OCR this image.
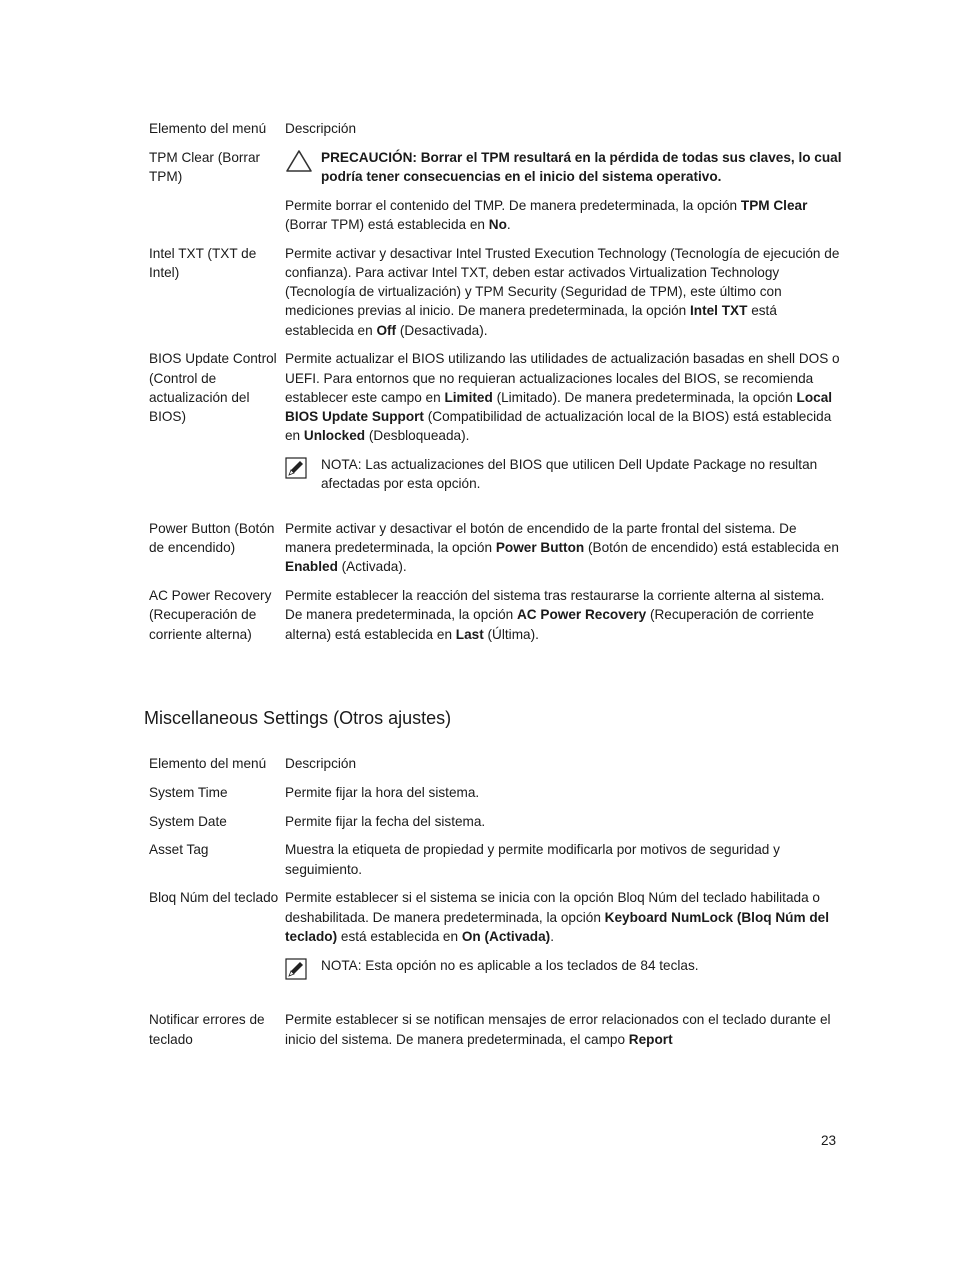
Elemento del menú	Descripción
TPM Clear (Borrar TPM)	PRECAUCIÓN: Borrar el TPM resultará en la pérdida de todas sus claves, lo cual podría tener consecuencias en el inicio del sistema operativo.

Permite borrar el contenido del TMP. De manera predeterminada, la opción TPM Clear (Borrar TPM) está establecida en No.

Intel TXT (TXT de Intel)	Permite activar y desactivar Intel Trusted Execution Technology (Tecnología de ejecución de confianza). Para activar Intel TXT, deben estar activados Virtualization Technology (Tecnología de virtualización) y TPM Security (Seguridad de TPM), este último con mediciones previas al inicio. De manera predeterminada, la opción Intel TXT está establecida en Off (Desactivada).
BIOS Update Control (Control de actualización del BIOS)	Permite actualizar el BIOS utilizando las utilidades de actualización basadas en shell DOS o UEFI. Para entornos que no requieran actualizaciones locales del BIOS, se recomienda establecer este campo en Limited (Limitado). De manera predeterminada, la opción Local BIOS Update Support (Compatibilidad de actualización local de la BIOS) está establecida en Unlocked (Desbloqueada).

NOTA: Las actualizaciones del BIOS que utilicen Dell Update Package no resultan afectadas por esta opción.

Power Button (Botón de encendido)	Permite activar y desactivar el botón de encendido de la parte frontal del sistema. De manera predeterminada, la opción Power Button (Botón de encendido) está establecida en Enabled (Activada).
AC Power Recovery (Recuperación de corriente alterna)	Permite establecer la reacción del sistema tras restaurarse la corriente alterna al sistema. De manera predeterminada, la opción AC Power Recovery (Recuperación de corriente alterna) está establecida en Last (Última).
Miscellaneous Settings (Otros ajustes)
Elemento del menú	Descripción
System Time	Permite fijar la hora del sistema.
System Date	Permite fijar la fecha del sistema.
Asset Tag	Muestra la etiqueta de propiedad y permite modificarla por motivos de seguridad y seguimiento.
Bloq Núm del teclado	Permite establecer si el sistema se inicia con la opción Bloq Núm del teclado habilitada o deshabilitada. De manera predeterminada, la opción Keyboard NumLock (Bloq Núm del teclado) está establecida en On (Activada).

NOTA: Esta opción no es aplicable a los teclados de 84 teclas.

Notificar errores de teclado	Permite establecer si se notifican mensajes de error relacionados con el teclado durante el inicio del sistema. De manera predeterminada, el campo Report
23
